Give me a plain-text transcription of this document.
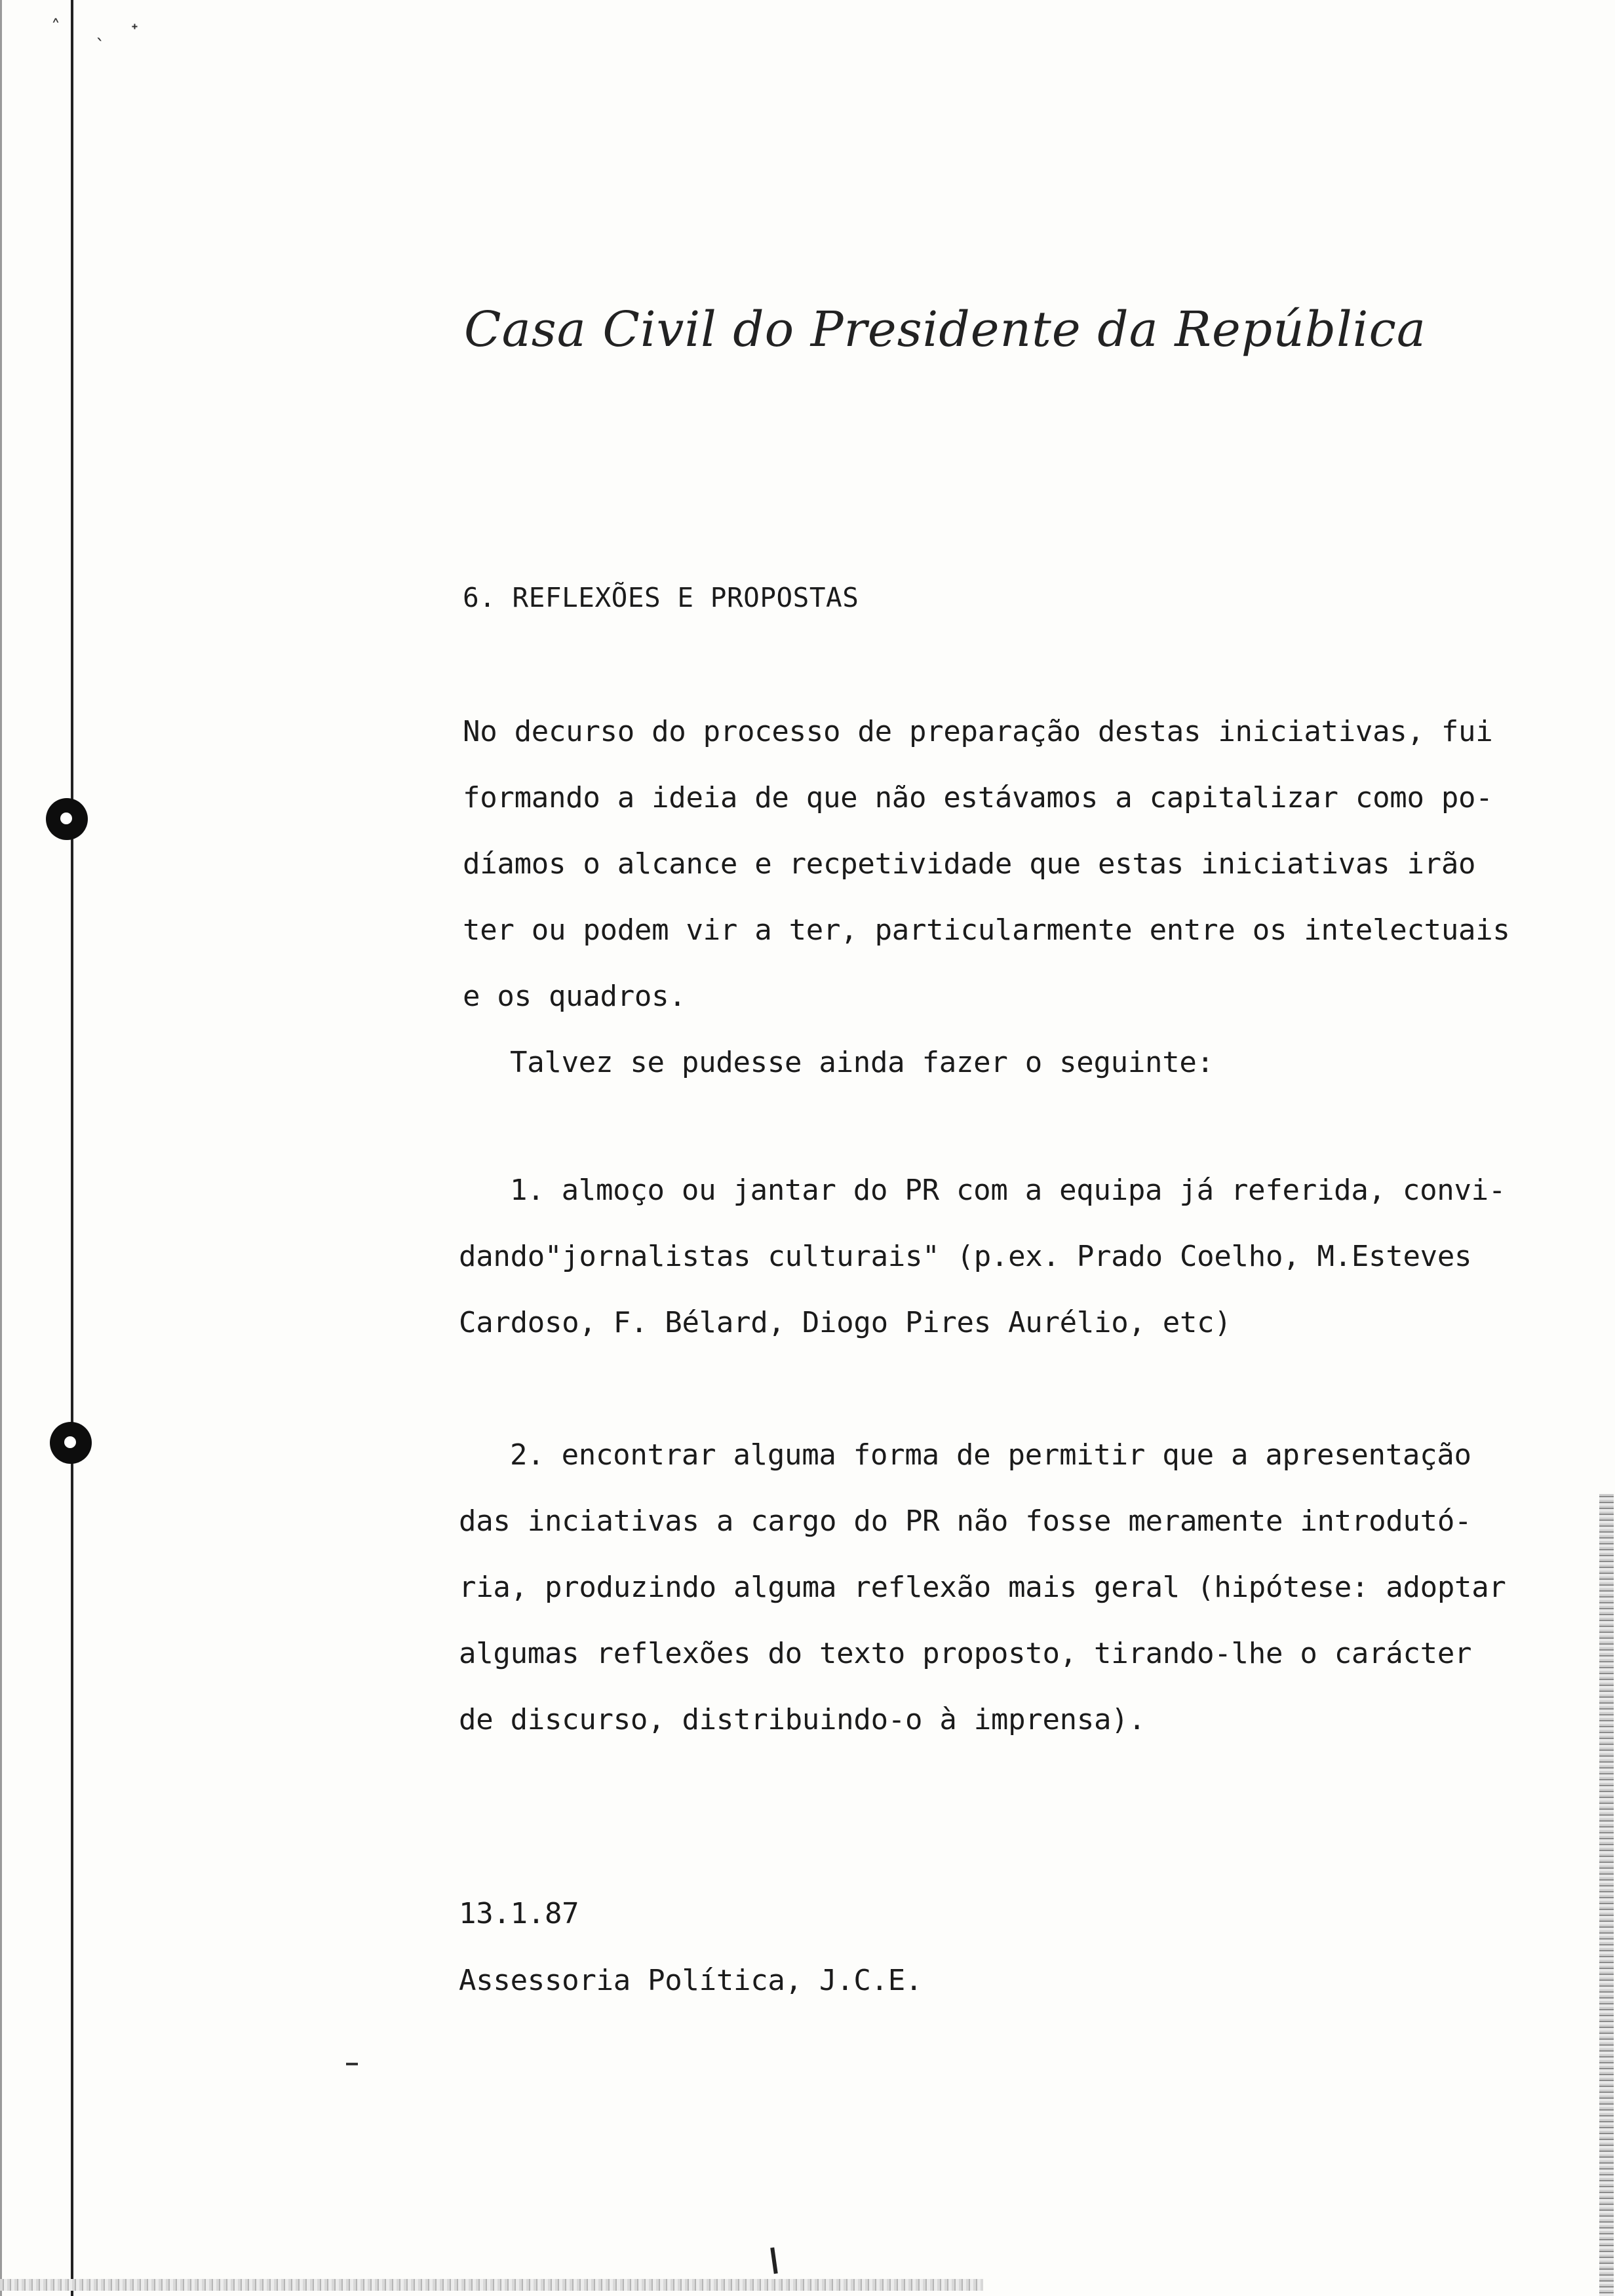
˄ ˎ ˖
Casa Civil do Presidente da República
6. REFLEXÕES E PROPOSTAS
No decurso do processo de preparação destas iniciativas, fui
formando a ideia de que não estávamos a capitalizar como po-
díamos o alcance e recpetividade que estas iniciativas irão
ter ou podem vir a ter, particularmente entre os intelectuais
e os quadros.
Talvez se pudesse ainda fazer o seguinte:
1. almoço ou jantar do PR com a equipa já referida, convi-
dando"jornalistas culturais" (p.ex. Prado Coelho, M.Esteves
Cardoso, F. Bélard, Diogo Pires Aurélio, etc)
2. encontrar alguma forma de permitir que a apresentação
das inciativas a cargo do PR não fosse meramente introdutó-
ria, produzindo alguma reflexão mais geral (hipótese: adoptar
algumas reflexões do texto proposto, tirando-lhe o carácter
de discurso, distribuindo-o à imprensa).
13.1.87
Assessoria Política, J.C.E.
